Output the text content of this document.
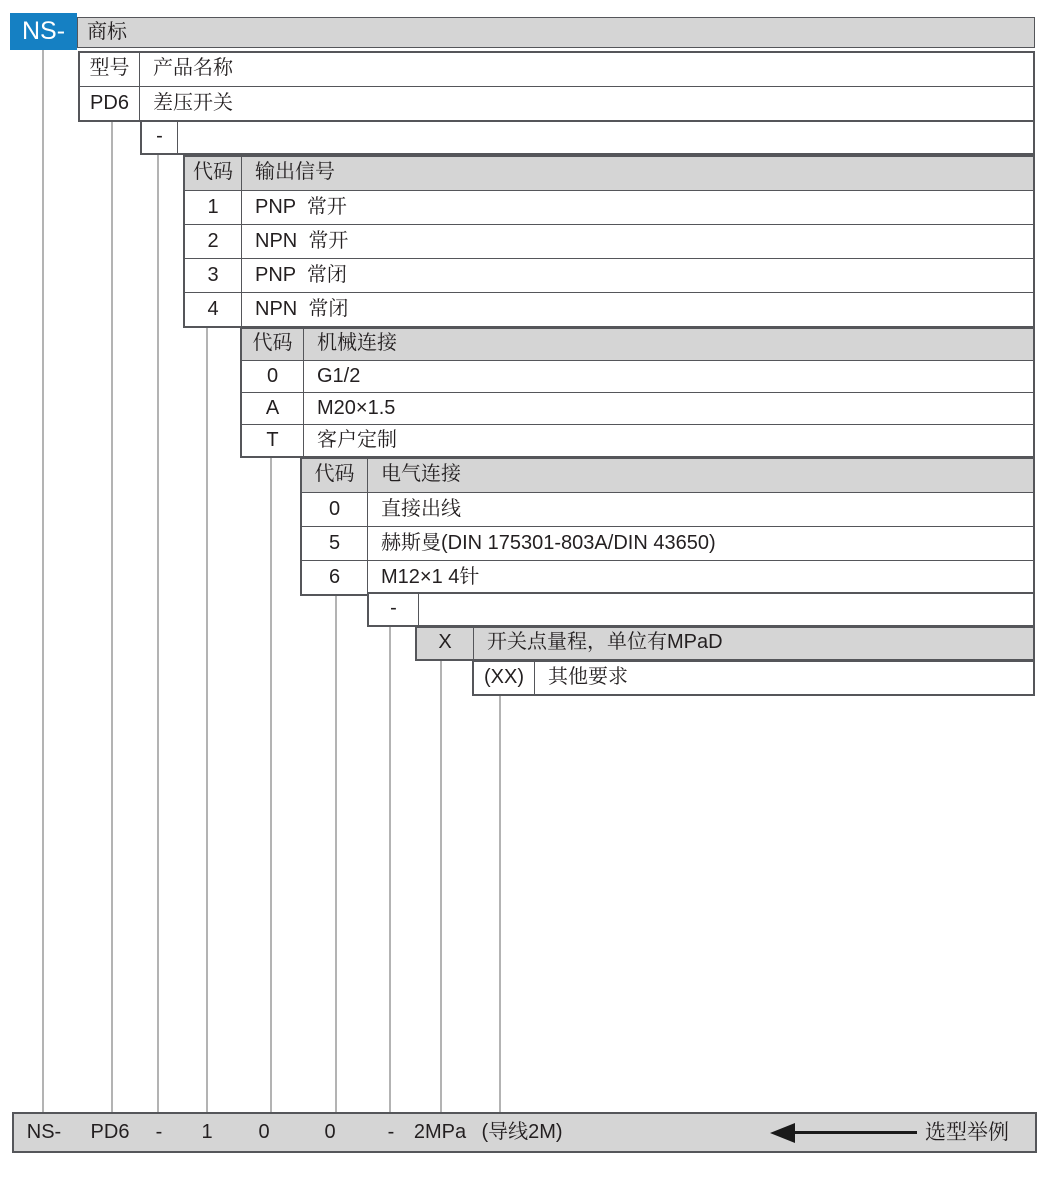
商标
NS-
型号	产品名称
PD6	差压开关
-
代码	输出信号
1	PNP  常开
2	NPN  常开
3	PNP  常闭
4	NPN  常闭
代码	机械连接
0	G1/2
A	M20×1.5
T	客户定制
代码	电气连接
0	直接出线
5	赫斯曼(DIN 175301-803A/DIN 43650)
6	M12×1 4针
-
X	开关点量程，单位有MPaD
(XX)	其他要求
NS- PD6 - 1 0	0	- 2MPa (导线2M)	选型举例
